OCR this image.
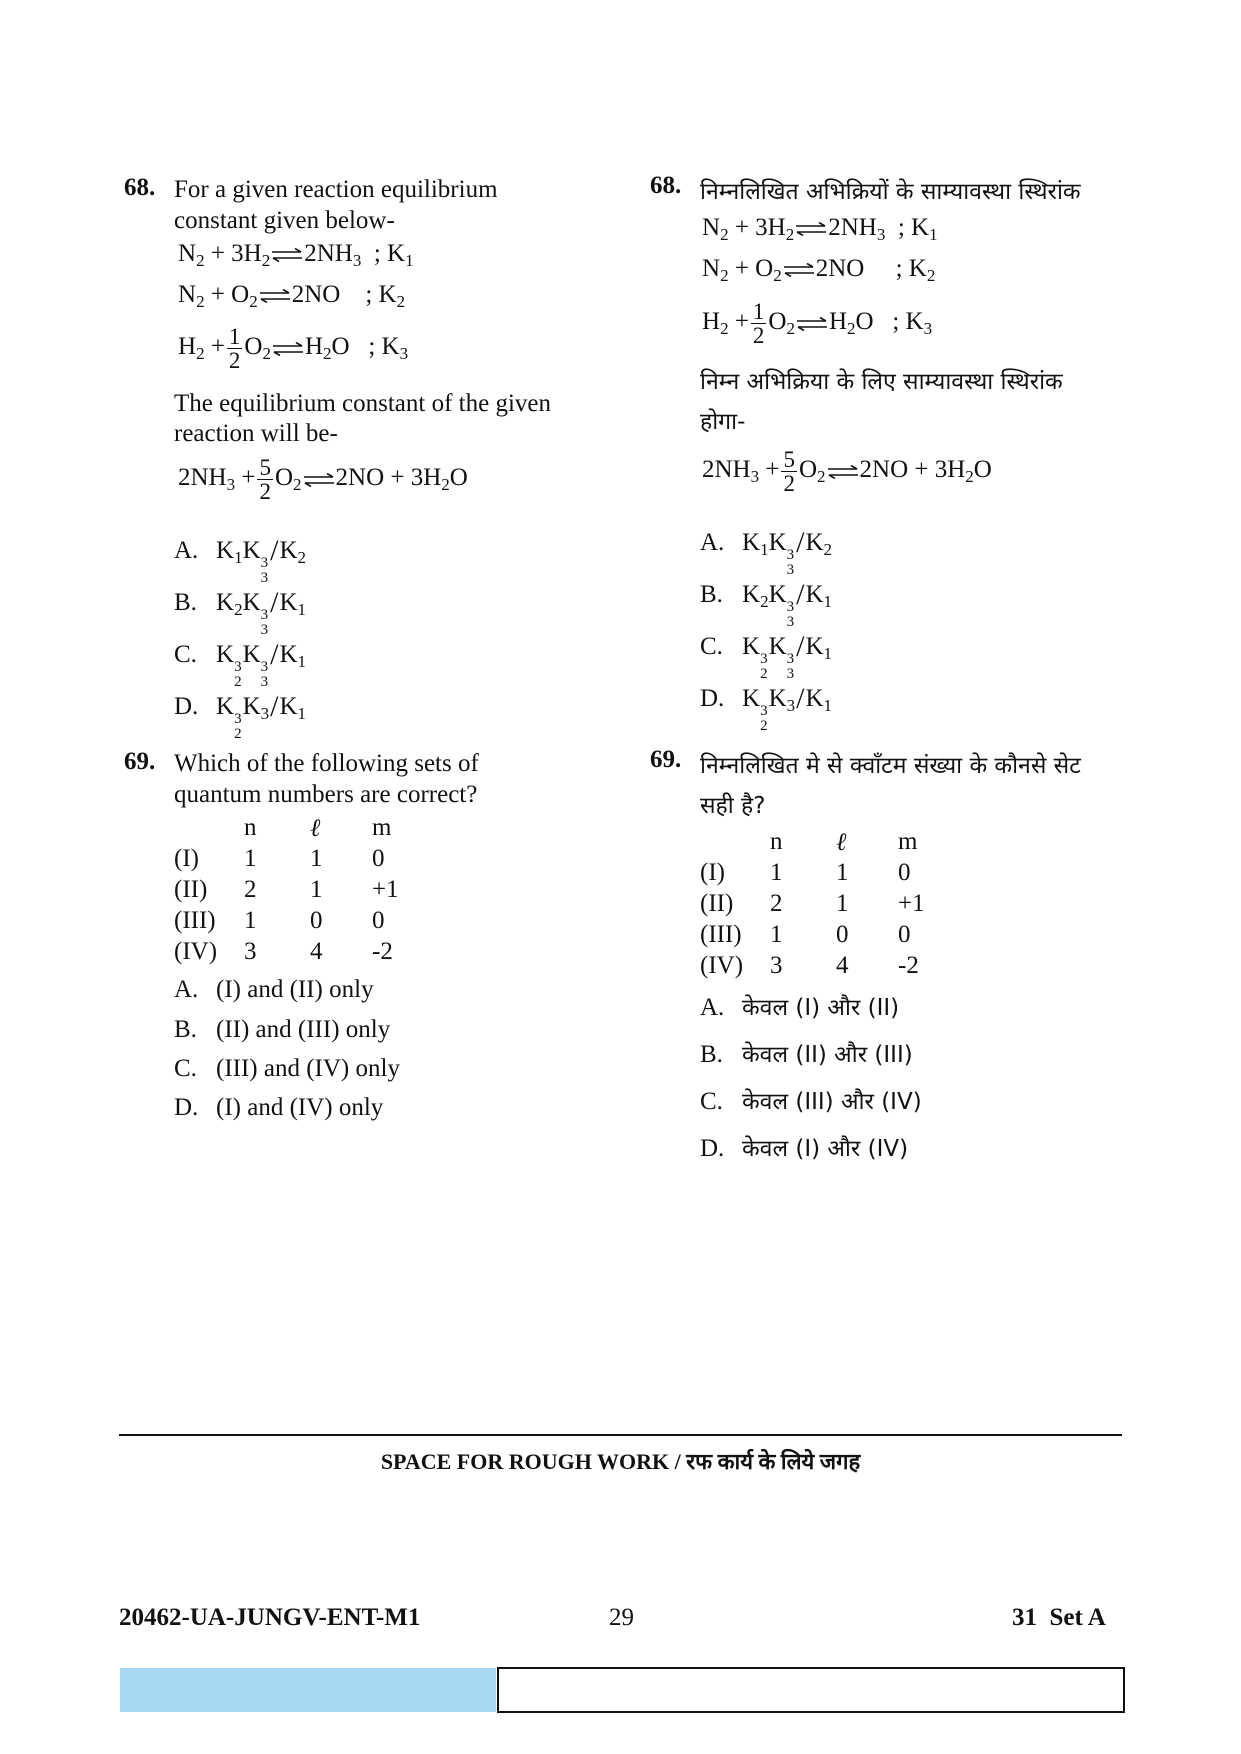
68. For a given reaction equilibrium
constant given below-
$N_2 + 3H_2$ $2NH_3$  ; $K_1$
$N_2 + O_2$ 2NO    ; $K_2$
$H_2 + \frac{1}{2} O_2$ $H_2O$   ; $K_3$
The equilibrium constant of the given
reaction will be-
$2NH_3 + \frac{5}{2} O_2$ $2NO + 3H_2O$
A. $K_1K$ 3
3
$/K_2$
B. $K_2K$ 3
3
$/K_1$
C. K 3
2
K 3
3
$/K_1$
D. K 3
2
$K_3/K_1$
69. Which of the following sets of
quantum numbers are correct?
	n	ℓ	m
(I)	1	1	0
(II)	2	1	+1
(III)	1	0	0
(IV)	3	4	-2
A. (I) and (II) only
B. (II) and (III) only
C. (III) and (IV) only
D. (I) and (IV) only
68. निम्नलिखित अभिक्रियों के साम्यावस्था स्थिरांक
$N_2 + 3H_2$ $2NH_3$  ; $K_1$
$N_2 + O_2$ 2NO     ; $K_2$
$H_2 + \frac{1}{2} O_2$ $H_2O$   ; $K_3$
निम्न अभिक्रिया के लिए साम्यावस्था स्थिरांक
होगा-
$2NH_3 + \frac{5}{2} O_2$ $2NO + 3H_2O$
A. $K_1K$ 3
3
$/K_2$
B. $K_2K$ 3
3
$/K_1$
C. K 3
2
K 3
3
$/K_1$
D. K 3
2
$K_3/K_1$
69. निम्नलिखित मे से क्वाँटम संख्या के कौनसे सेट
सही है?
	n	ℓ	m
(I)	1	1	0
(II)	2	1	+1
(III)	1	0	0
(IV)	3	4	-2
A. केवल (I) और (II)
B. केवल (II) और (III)
C. केवल (III) और (IV)
D. केवल (I) और (IV)
SPACE FOR ROUGH WORK / रफ कार्य के लिये जगह
20462-UA-JUNGV-ENT-M1	29	31 Set A
